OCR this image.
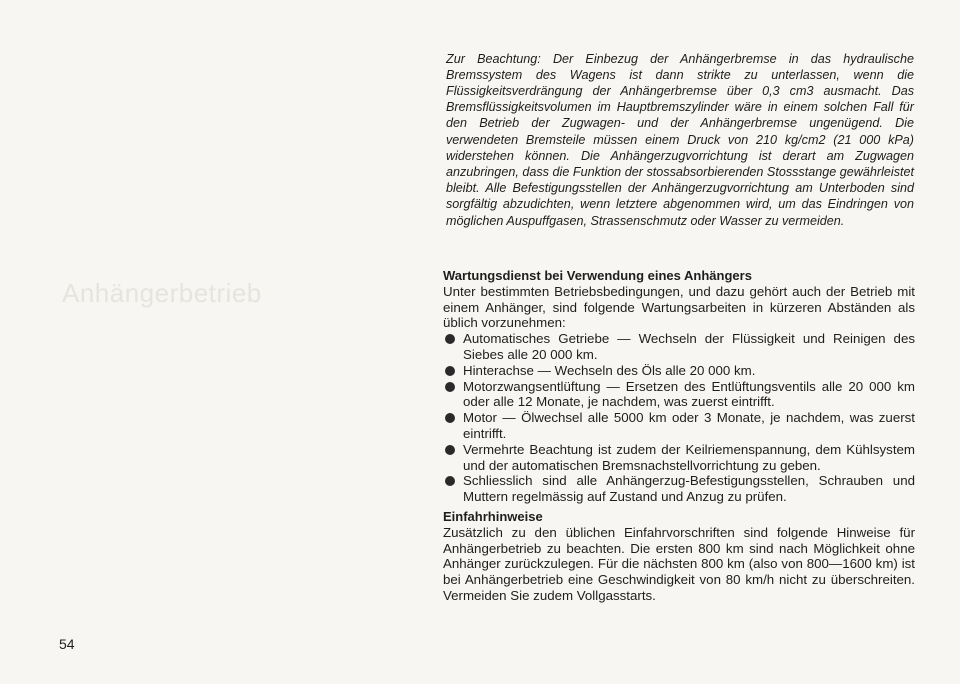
Anhängerbetrieb

Zur Beachtung: Der Einbezug der Anhängerbremse in das hydraulische Bremssystem des Wagens ist dann strikte zu unterlassen, wenn die Flüssigkeitsverdrängung der Anhängerbremse über 0,3 cm3 ausmacht. Das Bremsflüssigkeitsvolumen im Hauptbremszylinder wäre in einem solchen Fall für den Betrieb der Zugwagen- und der Anhängerbremse ungenügend. Die verwendeten Bremsteile müssen einem Druck von 210 kg/cm2 (21 000 kPa) widerstehen können. Die Anhängerzugvorrichtung ist derart am Zugwagen anzubringen, dass die Funktion der stossabsorbierenden Stossstange gewährleistet bleibt. Alle Befestigungsstellen der Anhängerzugvorrichtung am Unterboden sind sorgfältig abzudichten, wenn letztere abgenommen wird, um das Eindringen von möglichen Auspuffgasen, Strassenschmutz oder Wasser zu vermeiden.

Wartungsdienst bei Verwendung eines Anhängers

Unter bestimmten Betriebsbedingungen, und dazu gehört auch der Betrieb mit einem Anhänger, sind folgende Wartungsarbeiten in kürzeren Abständen als üblich vorzunehmen:

Automatisches Getriebe — Wechseln der Flüssigkeit und Reinigen des Siebes alle 20 000 km.
Hinterachse — Wechseln des Öls alle 20 000 km.
Motorzwangsentlüftung — Ersetzen des Entlüftungsventils alle 20 000 km oder alle 12 Monate, je nachdem, was zuerst eintrifft.
Motor — Ölwechsel alle 5000 km oder 3 Monate, je nachdem, was zuerst eintrifft.
Vermehrte Beachtung ist zudem der Keilriemenspannung, dem Kühlsystem und der automatischen Bremsnachstellvorrichtung zu geben.
Schliesslich sind alle Anhängerzug-Befestigungsstellen, Schrauben und Muttern regelmässig auf Zustand und Anzug zu prüfen.
Einfahrhinweise

Zusätzlich zu den üblichen Einfahrvorschriften sind folgende Hinweise für Anhängerbetrieb zu beachten. Die ersten 800 km sind nach Möglichkeit ohne Anhänger zurückzulegen. Für die nächsten 800 km (also von 800—1600 km) ist bei Anhängerbetrieb eine Geschwindigkeit von 80 km/h nicht zu überschreiten. Vermeiden Sie zudem Vollgasstarts.

54
